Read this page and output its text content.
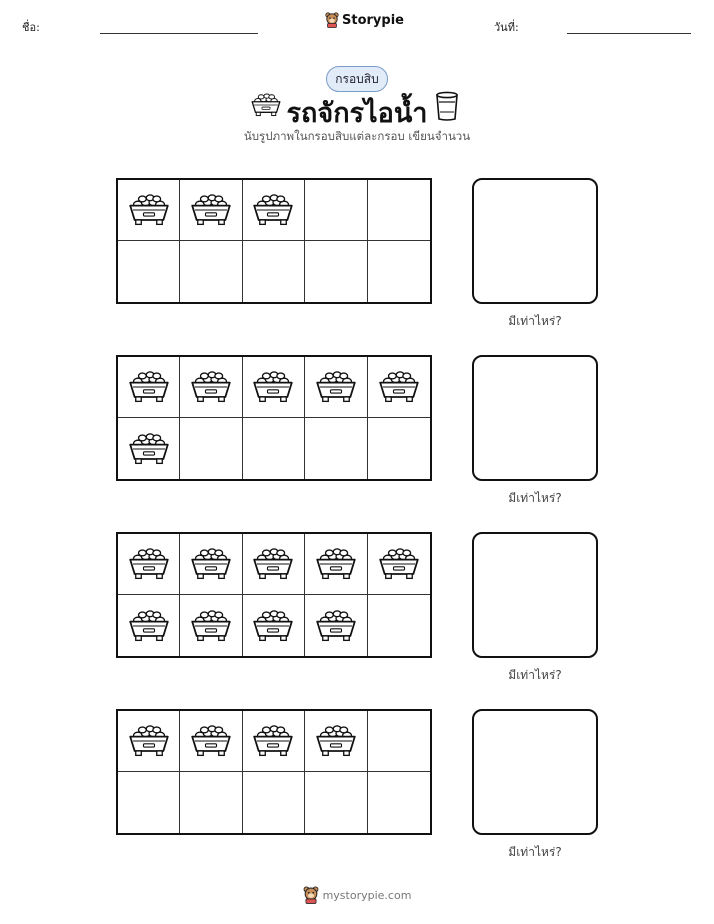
ชื่อ:	Storypie	วันที่:
กรอบสิบ
รถจักรไอน้ำ
นับรูปภาพในกรอบสิบแต่ละกรอบ เขียนจำนวน
มีเท่าไหร่?
มีเท่าไหร่?
มีเท่าไหร่?
มีเท่าไหร่?
mystorypie.com
